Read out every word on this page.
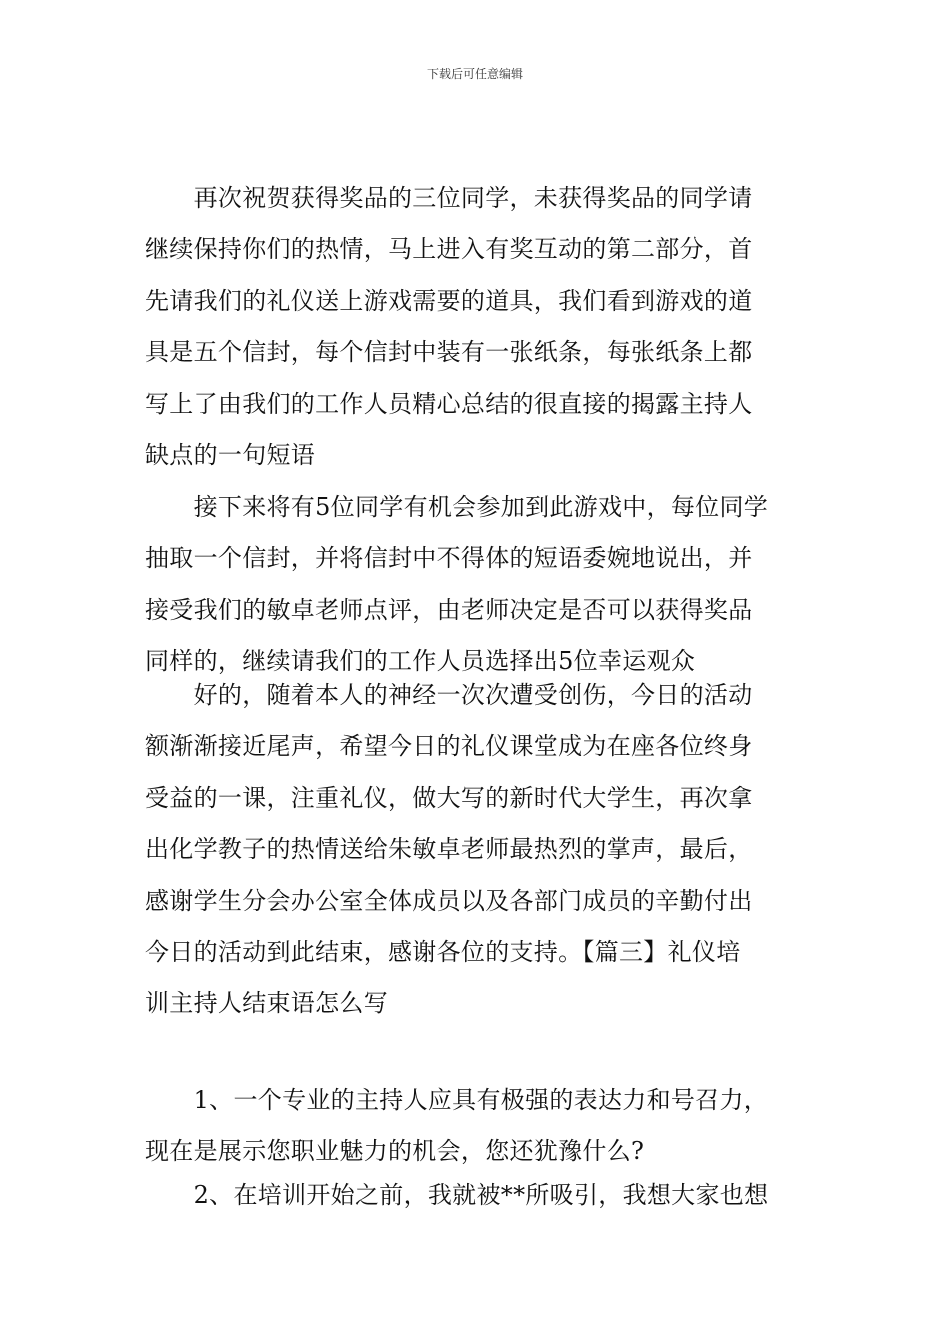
下载后可任意编辑

　　再次祝贺获得奖品的三位同学，未获得奖品的同学请
继续保持你们的热情，马上进入有奖互动的第二部分，首
先请我们的礼仪送上游戏需要的道具，我们看到游戏的道
具是五个信封，每个信封中装有一张纸条，每张纸条上都
写上了由我们的工作人员精心总结的很直接的揭露主持人
缺点的一句短语

　　接下来将有5位同学有机会参加到此游戏中，每位同学
抽取一个信封，并将信封中不得体的短语委婉地说出，并
接受我们的敏卓老师点评，由老师决定是否可以获得奖品
同样的，继续请我们的工作人员选择出5位幸运观众

　　好的，随着本人的神经一次次遭受创伤，今日的活动
额渐渐接近尾声，希望今日的礼仪课堂成为在座各位终身
受益的一课，注重礼仪，做大写的新时代大学生，再次拿
出化学教子的热情送给朱敏卓老师最热烈的掌声，最后，
感谢学生分会办公室全体成员以及各部门成员的辛勤付出
今日的活动到此结束，感谢各位的支持。【篇三】礼仪培
训主持人结束语怎么写

　　1、一个专业的主持人应具有极强的表达力和号召力，
现在是展示您职业魅力的机会，您还犹豫什么?

　　2、在培训开始之前，我就被**所吸引，我想大家也想
